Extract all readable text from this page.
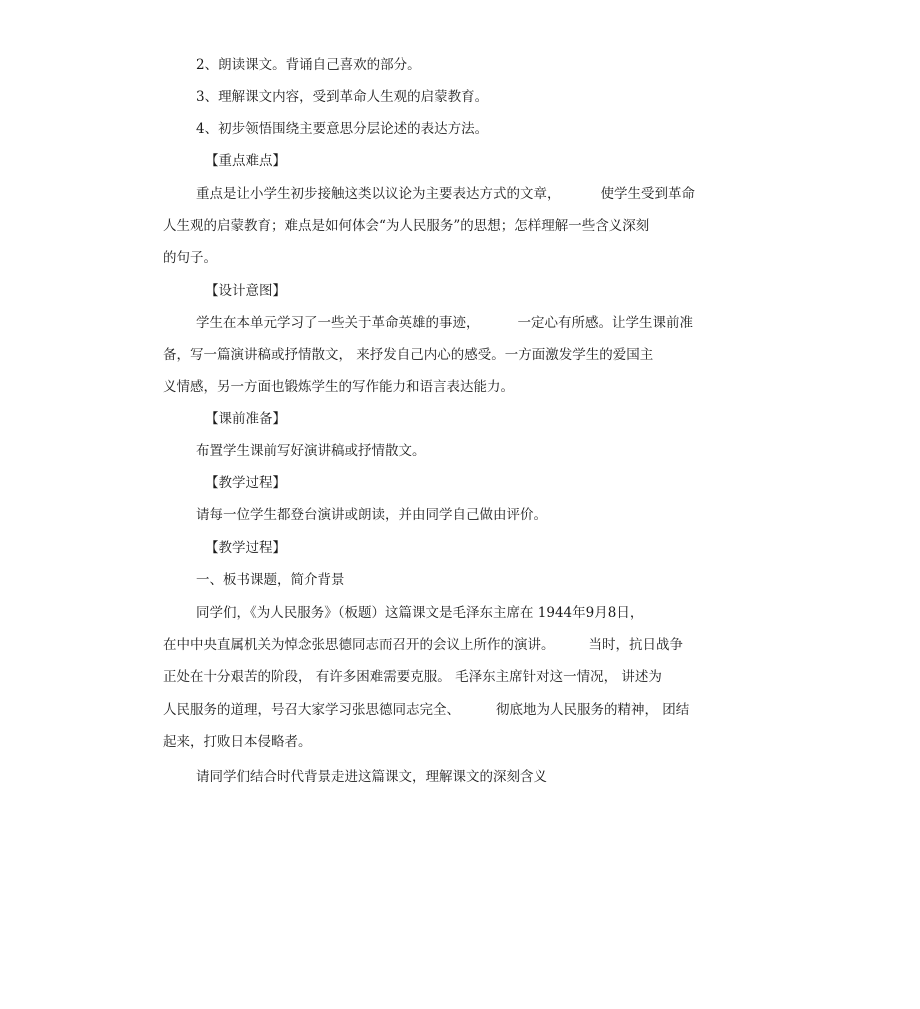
2、朗读课文。背诵自己喜欢的部分。
3、理解课文内容，受到革命人生观的启蒙教育。
4、初步领悟围绕主要意思分层论述的表达方法。
【重点难点】
重点是让小学生初步接触这类以议论为主要表达方式的文章，	使学生受到革命
人生观的启蒙教育；难点是如何体会“为人民服务”的思想；怎样理解一些含义深刻
的句子。
【设计意图】
学生在本单元学习了一些关于革命英雄的事迹，	一定心有所感。让学生课前准
备，写一篇演讲稿或抒情散文， 来抒发自己内心的感受。一方面激发学生的爱国主
义情感，另一方面也锻炼学生的写作能力和语言表达能力。
【课前准备】
布置学生课前写好演讲稿或抒情散文。
【教学过程】
请每一位学生都登台演讲或朗读，并由同学自己做由评价。
【教学过程】
一、板书课题，简介背景
同学们，《为人民服务》（板题）这篇课文是毛泽东主席在 1944年9月8日，
在中中央直属机关为悼念张思德同志而召开的会议上所作的演讲。	当时，抗日战争
正处在十分艰苦的阶段， 有许多困难需要克服。 毛泽东主席针对这一情况， 讲述为
人民服务的道理，号召大家学习张思德同志完全、	彻底地为人民服务的精神， 团结
起来，打败日本侵略者。
请同学们结合时代背景走进这篇课文，理解课文的深刻含义
